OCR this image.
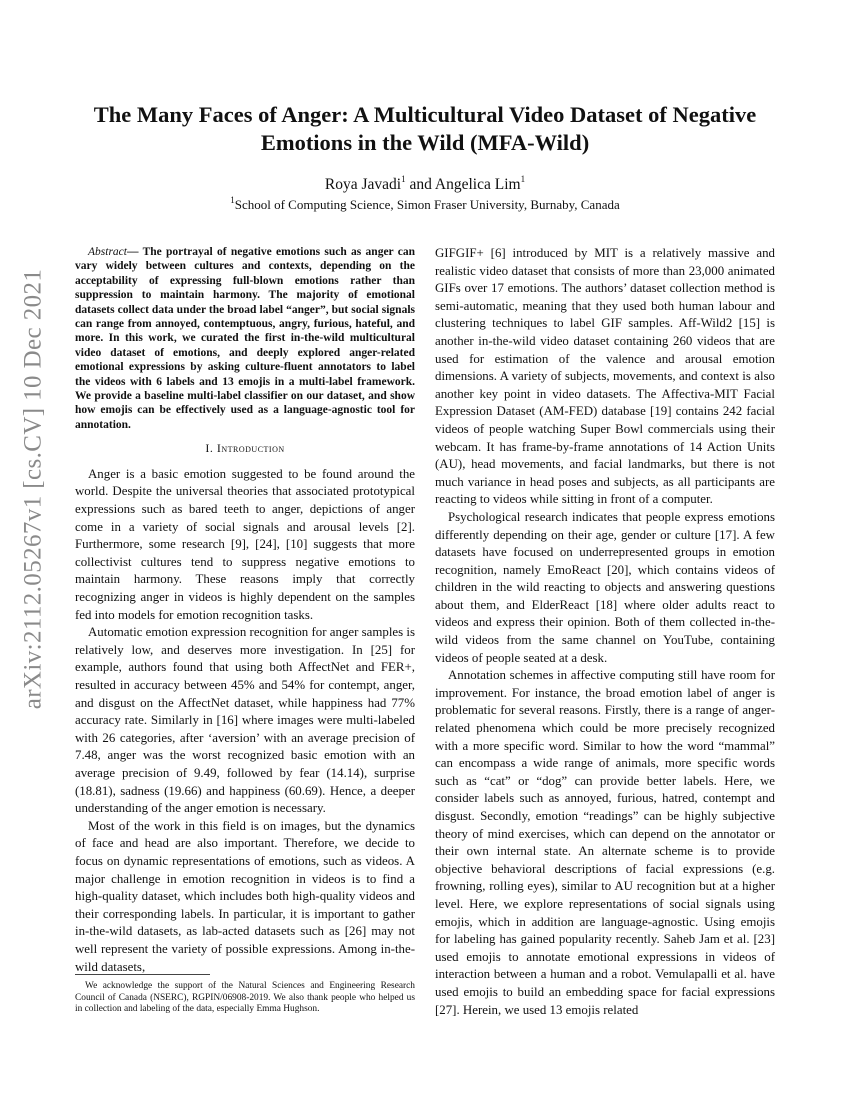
arXiv:2112.05267v1 [cs.CV] 10 Dec 2021
The Many Faces of Anger: A Multicultural Video Dataset of Negative
Emotions in the Wild (MFA-Wild)
Roya Javadi$^1$ and Angelica Lim$^1$
$^1$School of Computing Science, Simon Fraser University, Burnaby, Canada

Abstract— The portrayal of negative emotions such as anger can vary widely between cultures and contexts, depending on the acceptability of expressing full-blown emotions rather than suppression to maintain harmony. The majority of emotional datasets collect data under the broad label “anger”, but social signals can range from annoyed, contemptuous, angry, furious, hateful, and more. In this work, we curated the first in-the-wild multicultural video dataset of emotions, and deeply explored anger-related emotional expressions by asking culture-fluent annotators to label the videos with 6 labels and 13 emojis in a multi-label framework. We provide a baseline multi-label classifier on our dataset, and show how emojis can be effectively used as a language-agnostic tool for annotation.

I. Introduction

Anger is a basic emotion suggested to be found around the world. Despite the universal theories that associated prototypical expressions such as bared teeth to anger, depictions of anger come in a variety of social signals and arousal levels [2]. Furthermore, some research [9], [24], [10] suggests that more collectivist cultures tend to suppress negative emotions to maintain harmony. These reasons imply that correctly recognizing anger in videos is highly dependent on the samples fed into models for emotion recognition tasks.

Automatic emotion expression recognition for anger samples is relatively low, and deserves more investigation. In [25] for example, authors found that using both AffectNet and FER+, resulted in accuracy between 45% and 54% for contempt, anger, and disgust on the AffectNet dataset, while happiness had 77% accuracy rate. Similarly in [16] where images were multi-labeled with 26 categories, after ‘aversion’ with an average precision of 7.48, anger was the worst recognized basic emotion with an average precision of 9.49, followed by fear (14.14), surprise (18.81), sadness (19.66) and happiness (60.69). Hence, a deeper understanding of the anger emotion is necessary.

Most of the work in this field is on images, but the dynamics of face and head are also important. Therefore, we decide to focus on dynamic representations of emotions, such as videos. A major challenge in emotion recognition in videos is to find a high-quality dataset, which includes both high-quality videos and their corresponding labels. In particular, it is important to gather in-the-wild datasets, as lab-acted datasets such as [26] may not well represent the variety of possible expressions. Among in-the-wild datasets,

We acknowledge the support of the Natural Sciences and Engineering Research Council of Canada (NSERC), RGPIN/06908-2019. We also thank people who helped us in collection and labeling of the data, especially Emma Hughson.

GIFGIF+ [6] introduced by MIT is a relatively massive and realistic video dataset that consists of more than 23,000 animated GIFs over 17 emotions. The authors’ dataset collection method is semi-automatic, meaning that they used both human labour and clustering techniques to label GIF samples. Aff-Wild2 [15] is another in-the-wild video dataset containing 260 videos that are used for estimation of the valence and arousal emotion dimensions. A variety of subjects, movements, and context is also another key point in video datasets. The Affectiva-MIT Facial Expression Dataset (AM-FED) database [19] contains 242 facial videos of people watching Super Bowl commercials using their webcam. It has frame-by-frame annotations of 14 Action Units (AU), head movements, and facial landmarks, but there is not much variance in head poses and subjects, as all participants are reacting to videos while sitting in front of a computer.

Psychological research indicates that people express emotions differently depending on their age, gender or culture [17]. A few datasets have focused on underrepresented groups in emotion recognition, namely EmoReact [20], which contains videos of children in the wild reacting to objects and answering questions about them, and ElderReact [18] where older adults react to videos and express their opinion. Both of them collected in-the-wild videos from the same channel on YouTube, containing videos of people seated at a desk.

Annotation schemes in affective computing still have room for improvement. For instance, the broad emotion label of anger is problematic for several reasons. Firstly, there is a range of anger-related phenomena which could be more precisely recognized with a more specific word. Similar to how the word “mammal” can encompass a wide range of animals, more specific words such as “cat” or “dog” can provide better labels. Here, we consider labels such as annoyed, furious, hatred, contempt and disgust. Secondly, emotion “readings” can be highly subjective theory of mind exercises, which can depend on the annotator or their own internal state. An alternate scheme is to provide objective behavioral descriptions of facial expressions (e.g. frowning, rolling eyes), similar to AU recognition but at a higher level. Here, we explore representations of social signals using emojis, which in addition are language-agnostic. Using emojis for labeling has gained popularity recently. Saheb Jam et al. [23] used emojis to annotate emotional expressions in videos of interaction between a human and a robot. Vemulapalli et al. have used emojis to build an embedding space for facial expressions [27]. Herein, we used 13 emojis related
